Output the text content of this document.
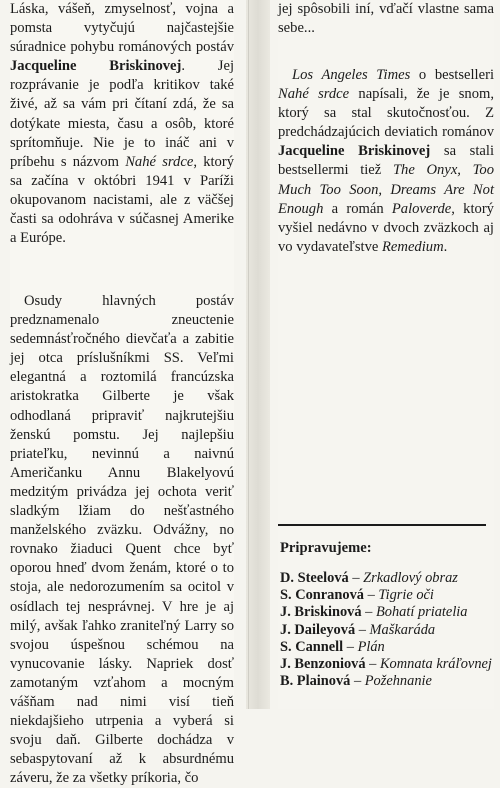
Láska, vášeň, zmyselnosť, vojna a pomsta vytyčujú najčastejšie súradnice pohybu románových postáv Jacqueline Briskinovej. Jej rozprávanie je podľa kritikov také živé, až sa vám pri čítaní zdá, že sa dotýkate miesta, času a osôb, ktoré sprítomňuje. Nie je to ináč ani v príbehu s názvom Nahé srdce, ktorý sa začína v októbri 1941 v Paríži okupovanom nacistami, ale z väčšej časti sa odohráva v súčasnej Amerike a Európe.

Osudy hlavných postáv predznamenalo zneuctenie sedemnásťročného dievčaťa a zabitie jej otca príslušníkmi SS. Veľmi elegantná a roztomilá francúzska aristokratka Gilberte je však odhodlaná pripraviť najkrutejšiu ženskú pomstu. Jej najlepšiu priateľku, nevinnú a naivnú Američanku Annu Blakelyovú medzitým privádza jej ochota veriť sladkým lžiam do nešťastného manželského zväzku. Odvážny, no rovnako žiaduci Quent chce byť oporou hneď dvom ženám, ktoré o to stoja, ale nedorozumením sa ocitol v osídlach tej nesprávnej. V hre je aj milý, avšak ľahko zraniteľný Larry so svojou úspešnou schémou na vynucovanie lásky. Napriek dosť zamotaným vzťahom a mocným vášňam nad nimi visí tieň niekdajšieho utrpenia a vyberá si svoju daň. Gilberte dochádza v sebaspytovaní až k absurdnému záveru, že za všetky príkoria, čo

jej spôsobili iní, vďačí vlastne sama sebe...

Los Angeles Times o bestselleri Nahé srdce napísali, že je snom, ktorý sa stal skutočnosťou. Z predchádzajúcich deviatich románov Jacqueline Briskinovej sa stali bestsellermi tiež The Onyx, Too Much Too Soon, Dreams Are Not Enough a román Paloverde, ktorý vyšiel nedávno v dvoch zväzkoch aj vo vydavateľstve Remedium.

Pripravujeme:
D. Steelová – Zrkadlový obraz
S. Conranová – Tigrie oči
J. Briskinová – Bohatí priatelia
J. Daileyová – Maškaráda
S. Cannell – Plán
J. Benzoniová – Komnata kráľovnej
B. Plainová – Požehnanie
